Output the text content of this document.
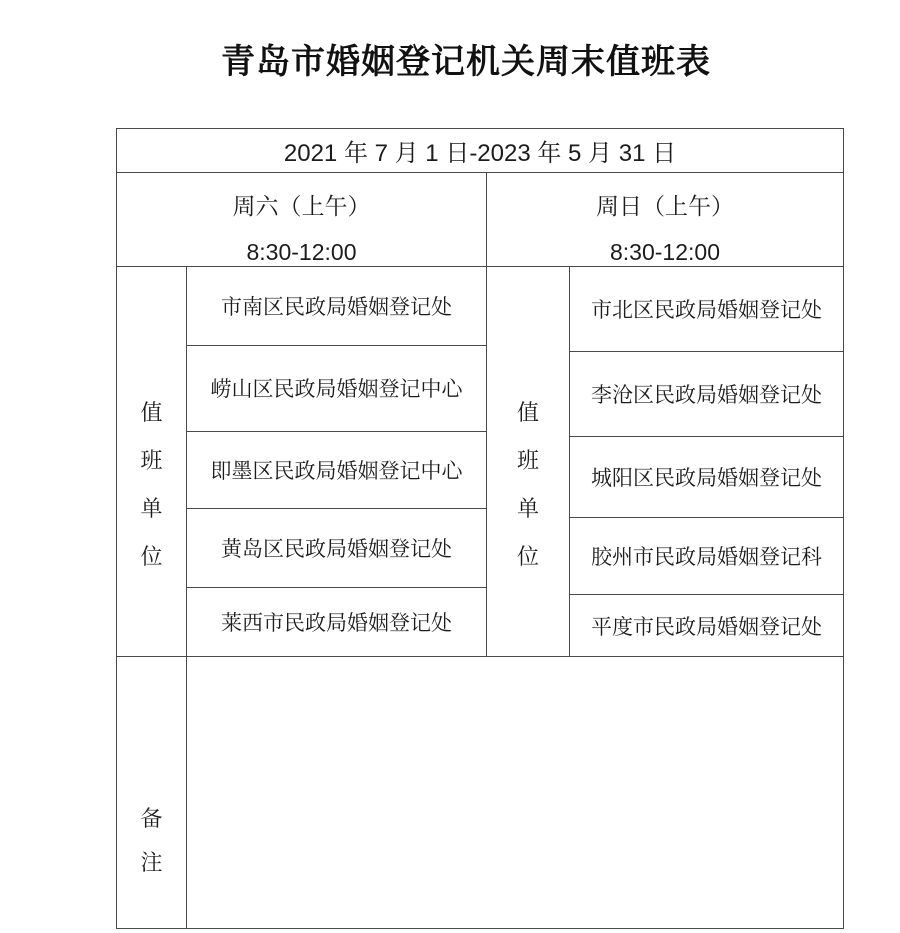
青岛市婚姻登记机关周末值班表
2021 年 7 月 1 日-2023 年 5 月 31 日
周六（上午）
8:30-12:00
周日（上午）
8:30-12:00
值班单位
市南区民政局婚姻登记处
崂山区民政局婚姻登记中心
即墨区民政局婚姻登记中心
黄岛区民政局婚姻登记处
莱西市民政局婚姻登记处
值班单位
市北区民政局婚姻登记处
李沧区民政局婚姻登记处
城阳区民政局婚姻登记处
胶州市民政局婚姻登记科
平度市民政局婚姻登记处
备注
